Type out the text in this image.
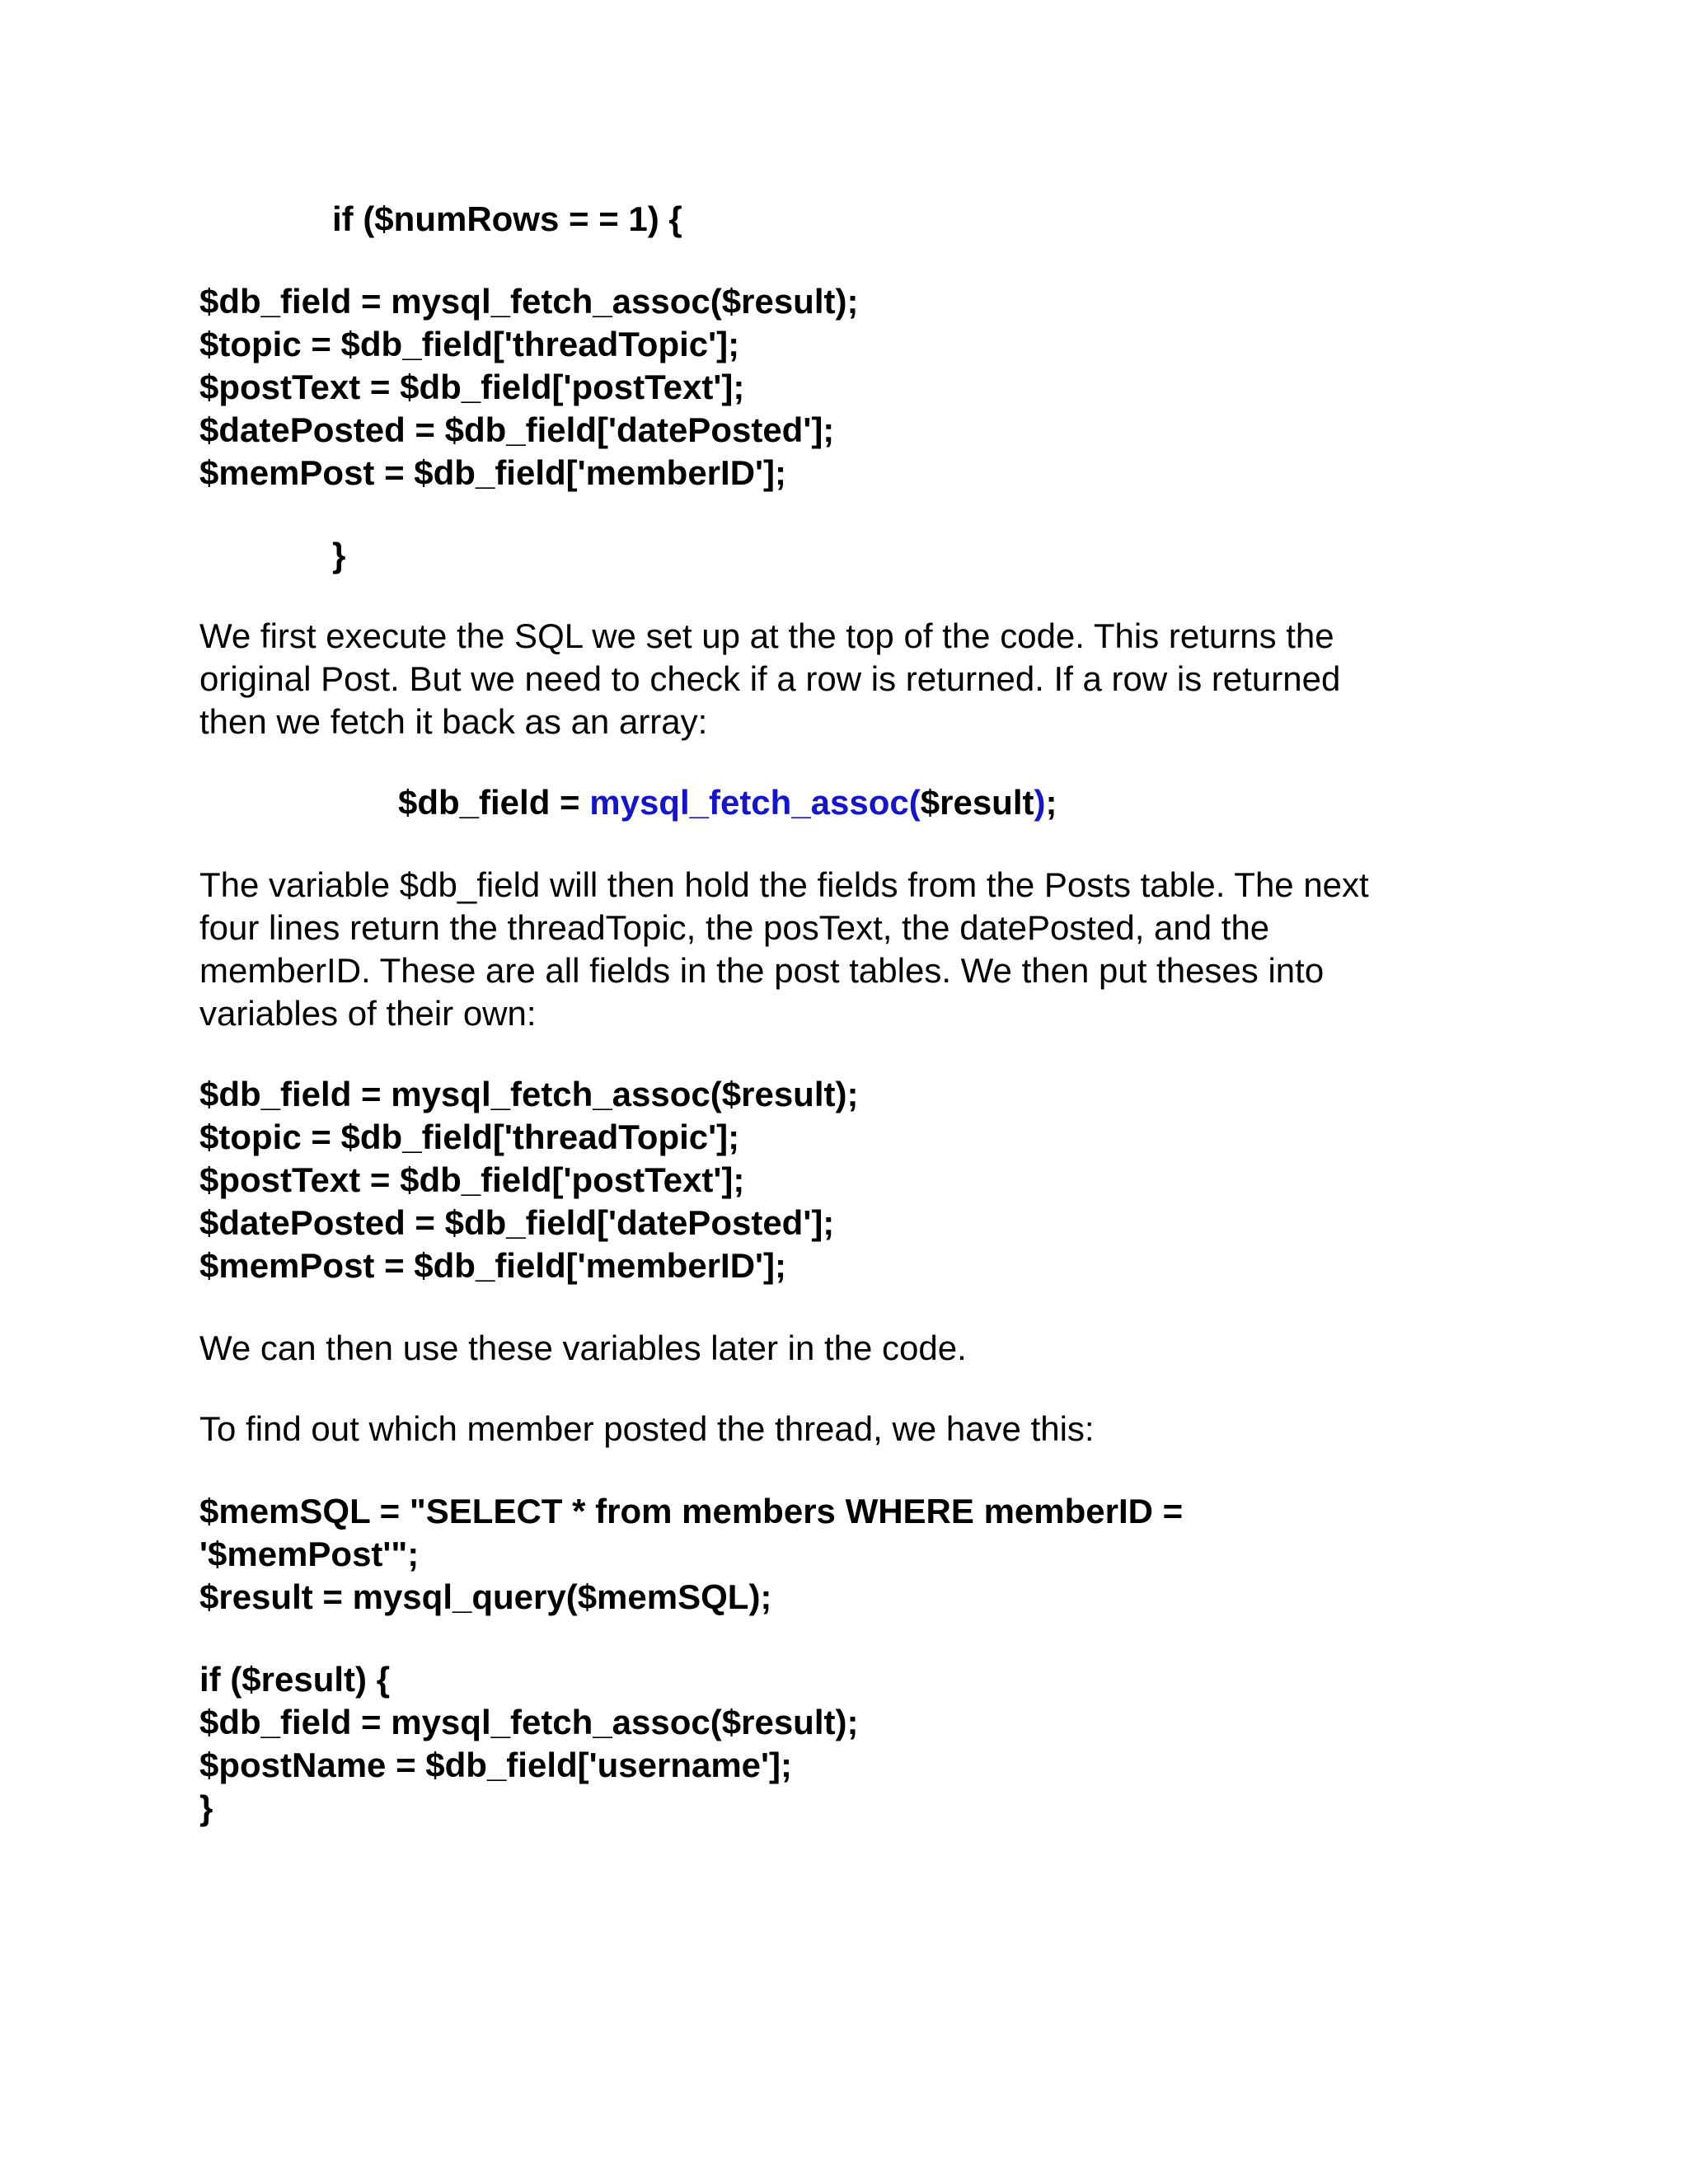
if ($numRows = = 1) {

$db_field = mysql_fetch_assoc($result);

$topic = $db_field['threadTopic'];

$postText = $db_field['postText'];

$datePosted = $db_field['datePosted'];

$memPost = $db_field['memberID'];

}

We first execute the SQL we set up at the top of the code. This returns the

original Post. But we need to check if a row is returned. If a row is returned

then we fetch it back as an array:

$db_field = mysql_fetch_assoc($result);

The variable $db_field will then hold the fields from the Posts table. The next

four lines return the threadTopic, the posText, the datePosted, and the

memberID. These are all fields in the post tables. We then put theses into

variables of their own:

$db_field = mysql_fetch_assoc($result);

$topic = $db_field['threadTopic'];

$postText = $db_field['postText'];

$datePosted = $db_field['datePosted'];

$memPost = $db_field['memberID'];

We can then use these variables later in the code.

To find out which member posted the thread, we have this:

$memSQL = "SELECT * from members WHERE memberID =

'$memPost'";

$result = mysql_query($memSQL);

if ($result) {

$db_field = mysql_fetch_assoc($result);

$postName = $db_field['username'];

}
